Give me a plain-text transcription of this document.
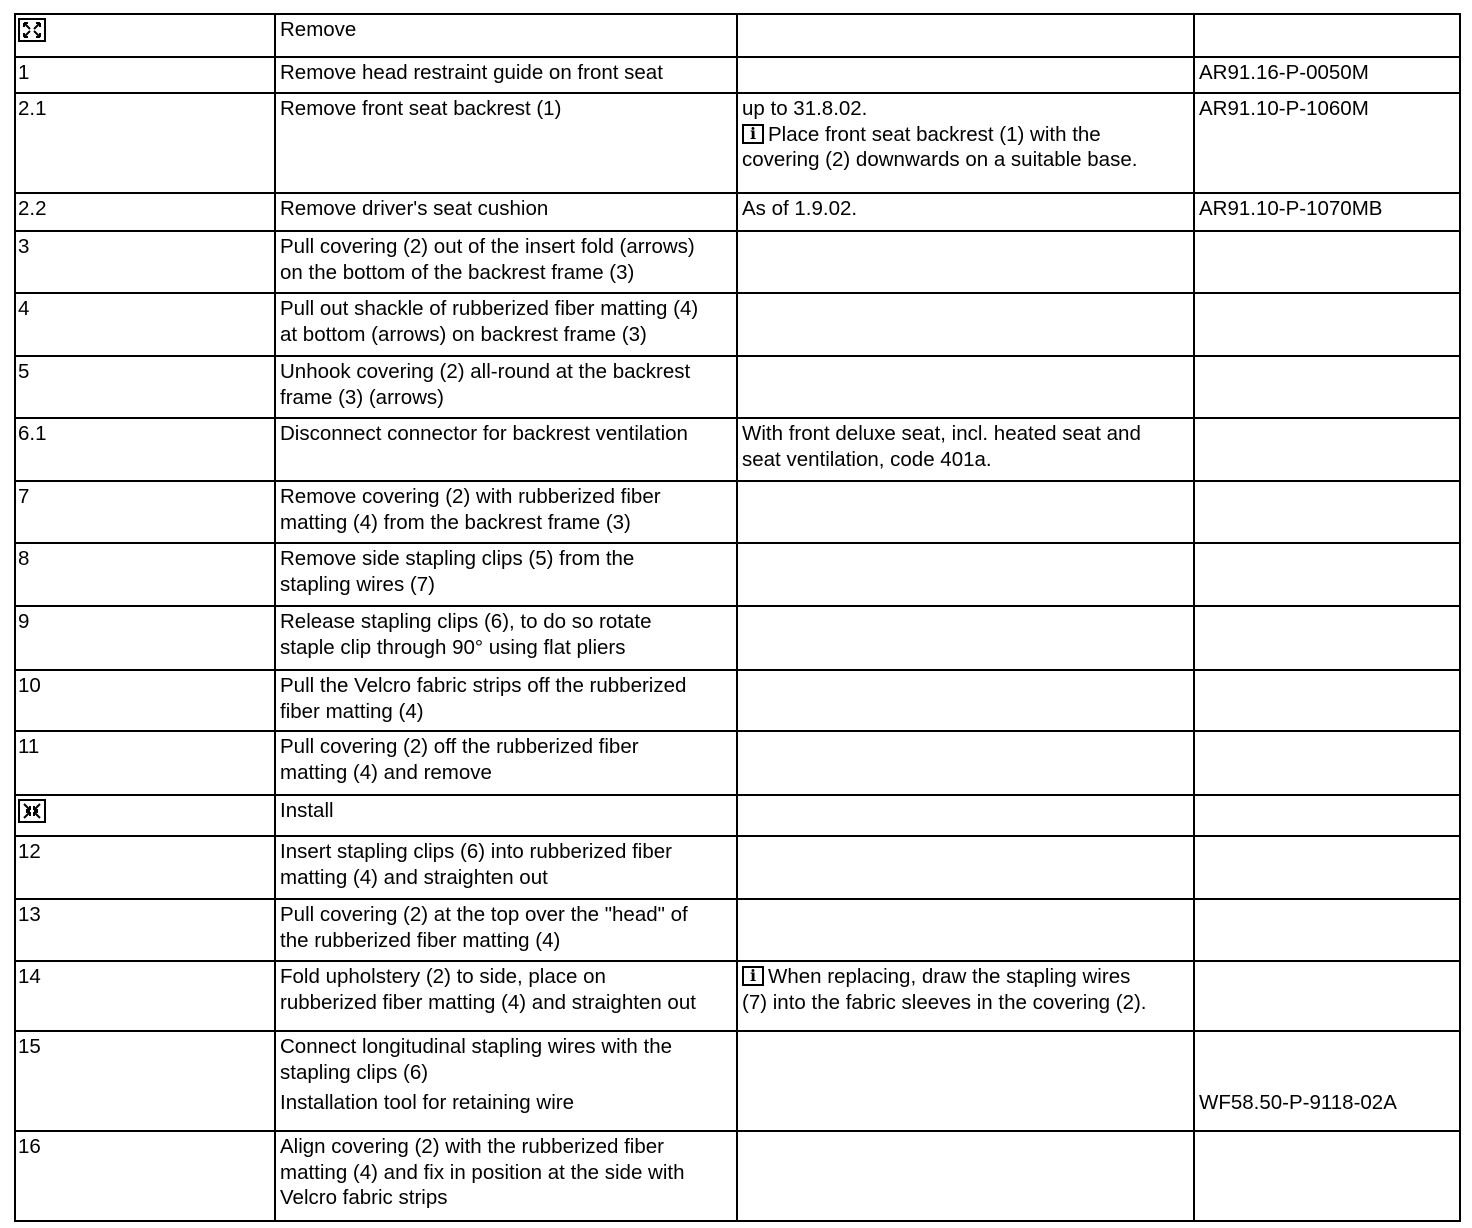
	Remove		
1	Remove head restraint guide on front seat		AR91.16-P-0050M
2.1	Remove front seat backrest (1)	up to 31.8.02.
i Place front seat backrest (1) with the
covering (2) downwards on a suitable base.	AR91.10-P-1060M
2.2	Remove driver's seat cushion	As of 1.9.02.	AR91.10-P-1070MB
3	Pull covering (2) out of the insert fold (arrows)
on the bottom of the backrest frame (3)		

4	Pull out shackle of rubberized fiber matting (4)
at bottom (arrows) on backrest frame (3)		

5	Unhook covering (2) all-round at the backrest
frame (3) (arrows)		

6.1	Disconnect connector for backrest ventilation	With front deluxe seat, incl. heated seat and
seat ventilation, code 401a.	

7	Remove covering (2) with rubberized fiber
matting (4) from the backrest frame (3)		

8	Remove side stapling clips (5) from the
stapling wires (7)		

9	Release stapling clips (6), to do so rotate
staple clip through 90° using flat pliers		

10	Pull the Velcro fabric strips off the rubberized
fiber matting (4)		

11	Pull covering (2) off the rubberized fiber
matting (4) and remove		

	Install		
12	Insert stapling clips (6) into rubberized fiber
matting (4) and straighten out		

13	Pull covering (2) at the top over the "head" of
the rubberized fiber matting (4)		

14	Fold upholstery (2) to side, place on
rubberized fiber matting (4) and straighten out	i When replacing, draw the stapling wires
(7) into the fabric sleeves in the covering (2).	

15	Connect longitudinal stapling wires with the
stapling clips (6)
Installation tool for retaining wire		WF58.50-P-9118-02A

16	Align covering (2) with the rubberized fiber
matting (4) and fix in position at the side with
Velcro fabric strips		
